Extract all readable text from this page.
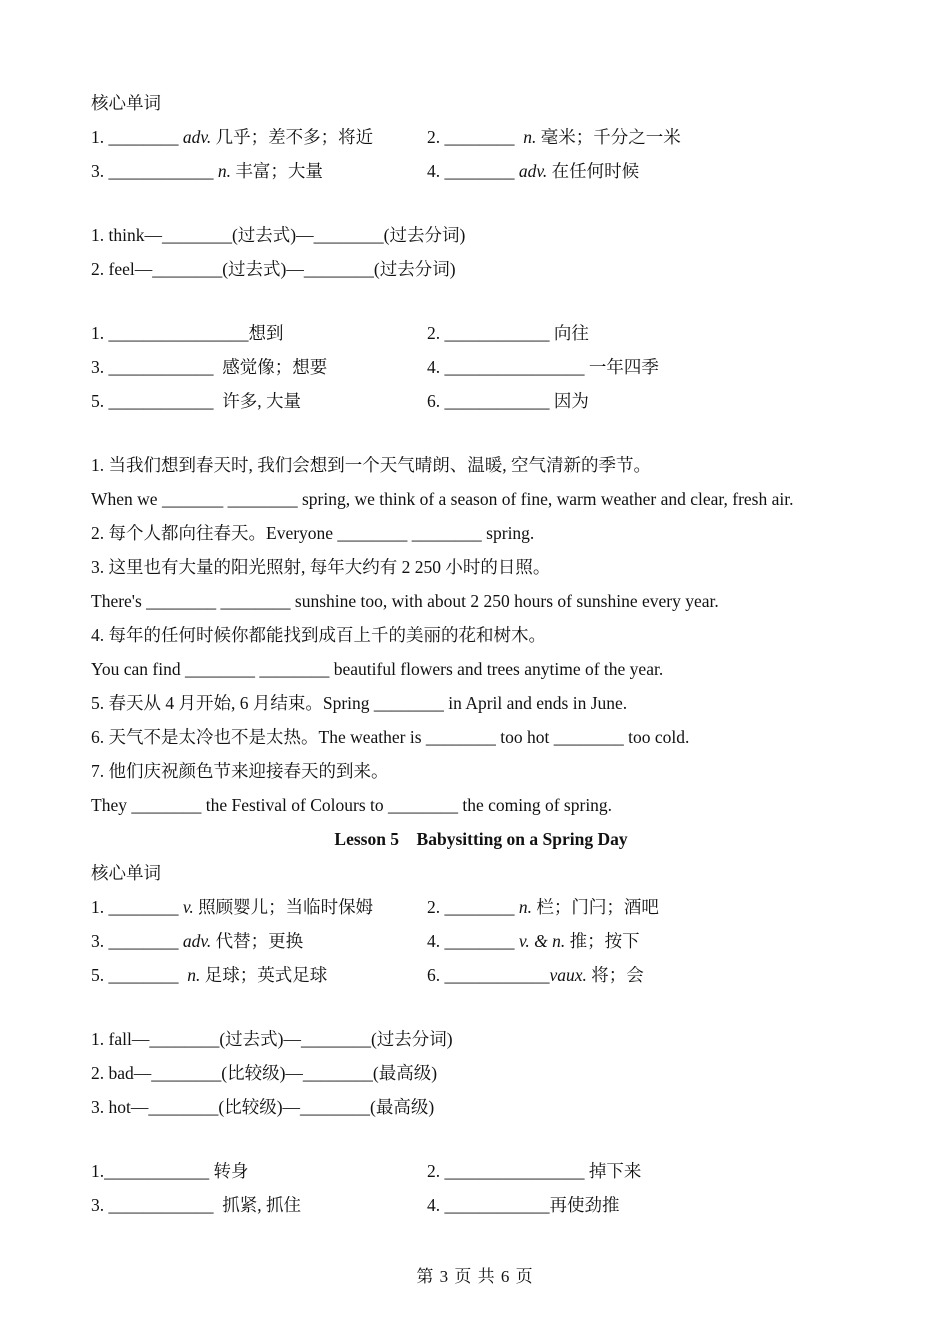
核心单词
1. ________ adv. 几乎；差不多；将近	2. ________  n. 毫米；千分之一米
3. ____________ n. 丰富；大量	4. ________ adv. 在任何时候
1. think—________(过去式)—________(过去分词)
2. feel—________(过去式)—________(过去分词)
1. ________________想到	2. ____________ 向往
3. ____________  感觉像；想要	4. ________________ 一年四季
5. ____________  许多, 大量	6. ____________ 因为
1. 当我们想到春天时, 我们会想到一个天气晴朗、温暖, 空气清新的季节。
When we _______ ________ spring, we think of a season of fine, warm weather and clear, fresh air.
2. 每个人都向往春天。Everyone ________ ________ spring.
3. 这里也有大量的阳光照射, 每年大约有 2 250 小时的日照。
There's ________ ________ sunshine too, with about 2 250 hours of sunshine every year.
4. 每年的任何时候你都能找到成百上千的美丽的花和树木。
You can find ________ ________ beautiful flowers and trees anytime of the year.
5. 春天从 4 月开始, 6 月结束。Spring ________ in April and ends in June.
6. 天气不是太冷也不是太热。The weather is ________ too hot ________ too cold.
7. 他们庆祝颜色节来迎接春天的到来。
They ________ the Festival of Colours to ________ the coming of spring.
Lesson 5    Babysitting on a Spring Day
核心单词
1. ________ v. 照顾婴儿；当临时保姆	2. ________ n. 栏；门闩；酒吧
3. ________ adv. 代替；更换	4. ________ v. & n. 推；按下
5. ________  n. 足球；英式足球	6. ____________vaux. 将；会
1. fall—________(过去式)—________(过去分词)
2. bad—________(比较级)—________(最高级)
3. hot—________(比较级)—________(最高级)
1.____________ 转身	2. ________________ 掉下来
3. ____________  抓紧, 抓住	4. ____________再使劲推
第 3 页 共 6 页
